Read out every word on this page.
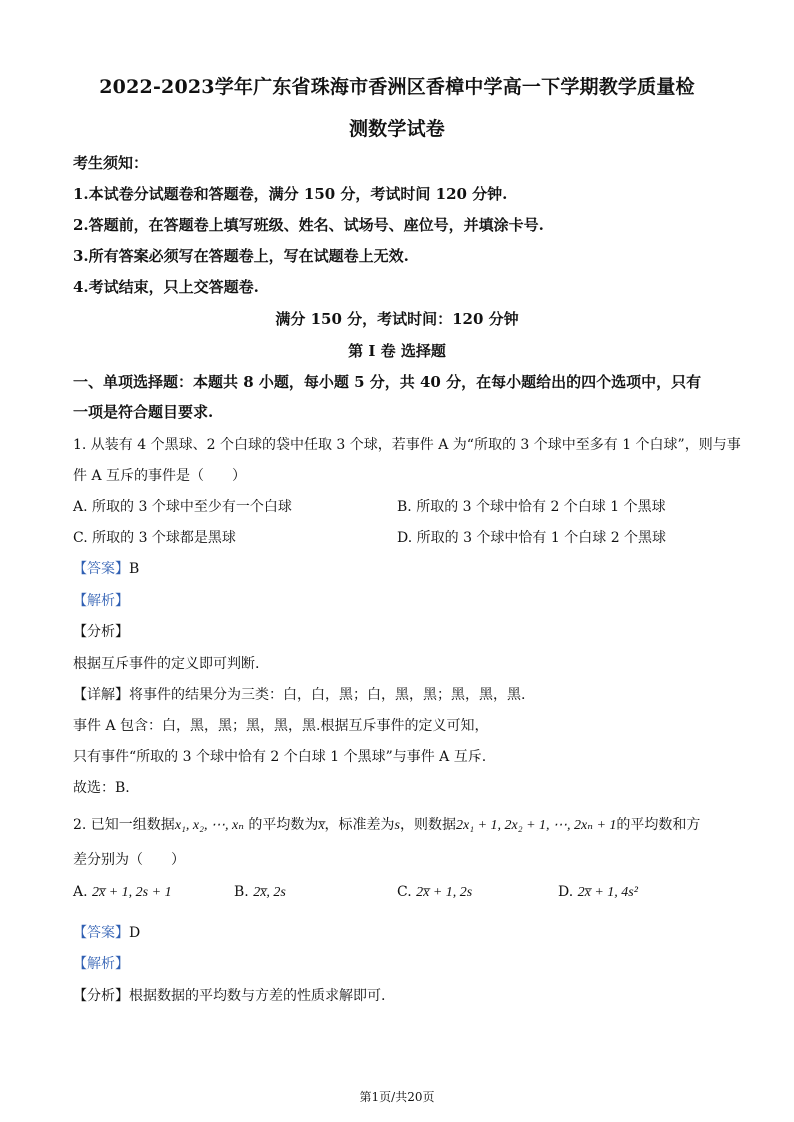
2022-2023学年广东省珠海市香洲区香樟中学高一下学期教学质量检
测数学试卷
考生须知：
1.本试卷分试题卷和答题卷，满分 150 分，考试时间 120 分钟.
2.答题前，在答题卷上填写班级、姓名、试场号、座位号，并填涂卡号.
3.所有答案必须写在答题卷上，写在试题卷上无效.
4.考试结束，只上交答题卷.
满分 150 分，考试时间：120 分钟
第 I 卷 选择题
一、单项选择题：本题共 8 小题，每小题 5 分，共 40 分，在每小题给出的四个选项中，只有
一项是符合题目要求.
1. 从装有 4 个黑球、2 个白球的袋中任取 3 个球，若事件 A 为“所取的 3 个球中至多有 1 个白球”，则与事
件 A 互斥的事件是（　　）
A. 所取的 3 个球中至少有一个白球	B. 所取的 3 个球中恰有 2 个白球 1 个黑球
C. 所取的 3 个球都是黑球	D. 所取的 3 个球中恰有 1 个白球 2 个黑球
【答案】B
【解析】
【分析】
根据互斥事件的定义即可判断.
【详解】将事件的结果分为三类：白，白，黑；白，黑，黑；黑，黑，黑.
事件 A 包含：白，黑，黑；黑，黑，黑.根据互斥事件的定义可知，
只有事件“所取的 3 个球中恰有 2 个白球 1 个黑球”与事件 A 互斥.
故选：B.
2. 已知一组数据x₁, x₂, ⋯, xₙ 的平均数为x̅，标准差为s，则数据2x₁ + 1, 2x₂ + 1, ⋯, 2xₙ + 1的平均数和方
差分别为（　　）
A. 2x̅ + 1, 2s + 1	B. 2x̅, 2s	C. 2x̅ + 1, 2s	D. 2x̅ + 1, 4s²
【答案】D
【解析】
【分析】根据数据的平均数与方差的性质求解即可.
第1页/共20页
